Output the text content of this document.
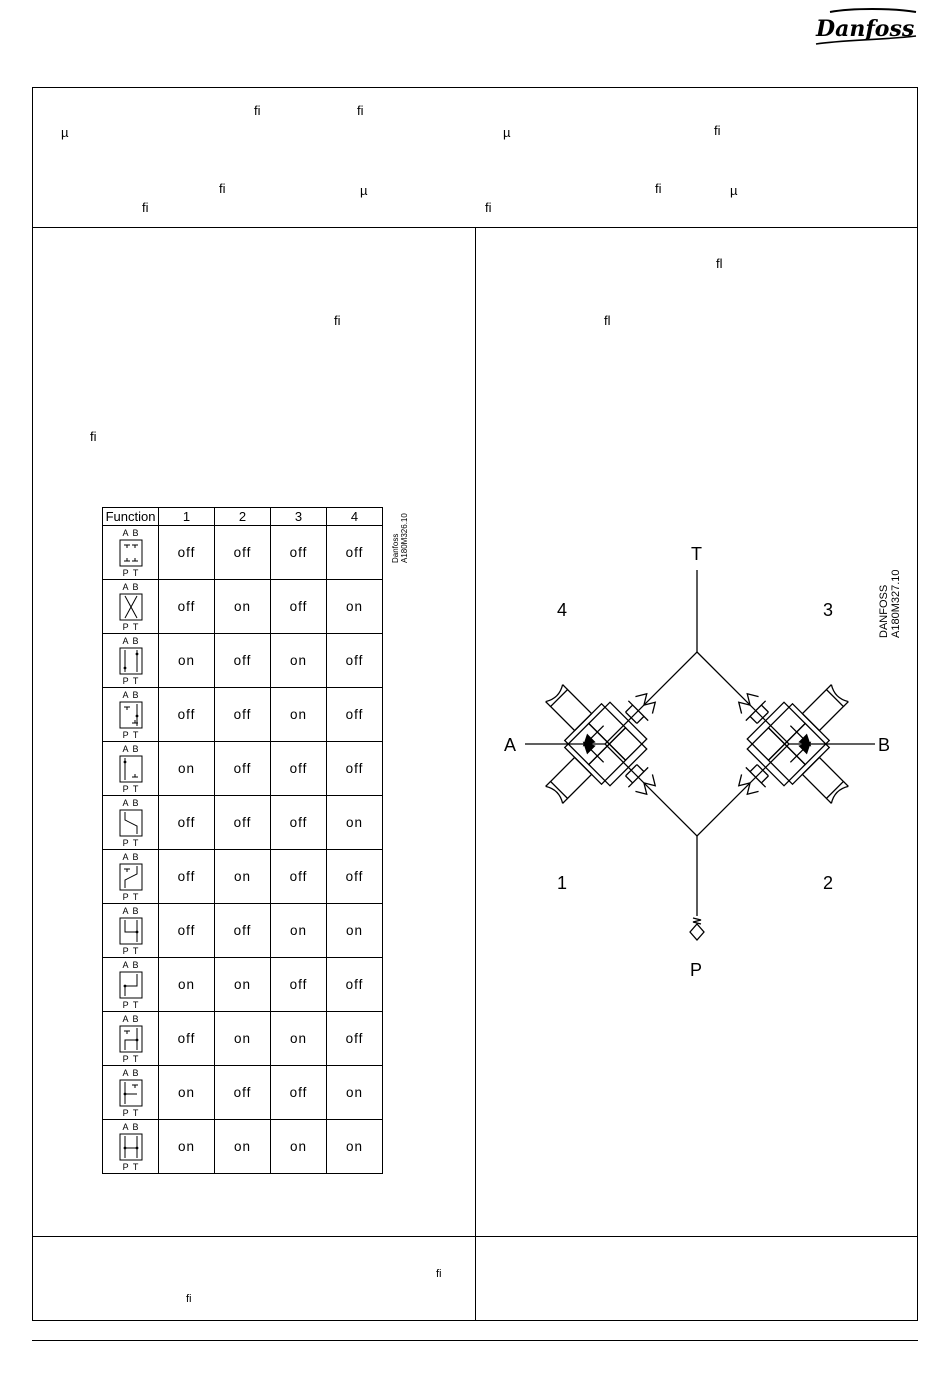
Danfoss
ﬁ	ﬁ
µ	µ	ﬁ
ﬁ	µ	ﬁ	µ
ﬁ	ﬁ
ﬁ
ﬁ
ﬂ
ﬂ
ﬁ
ﬁ
Function	1	2	3	4

A B
P T	off	off	off	off

A B
P T	off	on	off	on

A B
P T	on	off	on	off

A B
P T	off	off	on	off

A B
P T	on	off	off	off

A B
P T	off	off	off	on

A B
P T	off	on	off	off

A B
P T	off	off	on	on

A B
P T	on	on	off	off

A B
P T	off	on	on	off

A B
P T	on	off	off	on

A B
P T	on	on	on	on
Danfoss A180M326.10	T
A	B
P
4	3
1	2
DANFOSS A180M327.10
